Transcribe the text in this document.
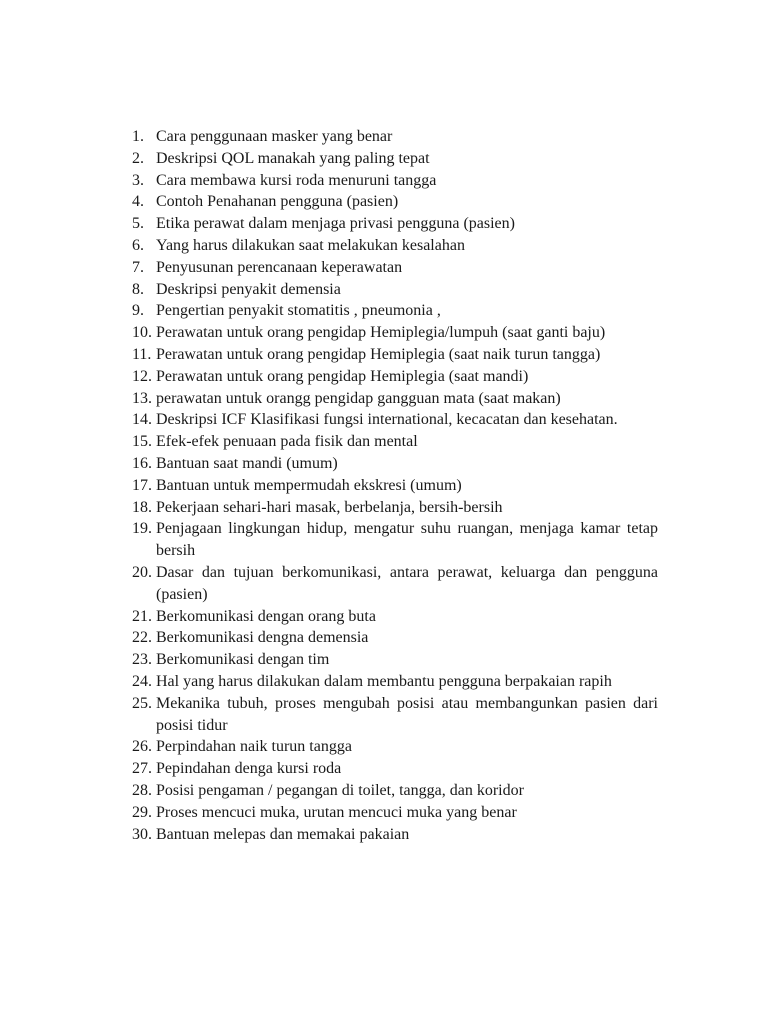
1. Cara penggunaan masker yang benar
2. Deskripsi QOL manakah yang paling tepat
3. Cara membawa kursi roda menuruni tangga
4. Contoh Penahanan pengguna (pasien)
5. Etika perawat dalam menjaga privasi pengguna (pasien)
6. Yang harus dilakukan saat melakukan kesalahan
7. Penyusunan perencanaan keperawatan
8. Deskripsi penyakit demensia
9. Pengertian penyakit stomatitis , pneumonia ,
10. Perawatan untuk orang pengidap Hemiplegia/lumpuh (saat ganti baju)
11. Perawatan untuk orang pengidap Hemiplegia (saat naik turun tangga)
12. Perawatan untuk orang pengidap Hemiplegia (saat mandi)
13. perawatan untuk orangg pengidap gangguan mata (saat makan)
14. Deskripsi ICF Klasifikasi fungsi international, kecacatan dan kesehatan.
15. Efek-efek penuaan pada fisik dan mental
16. Bantuan saat mandi (umum)
17. Bantuan untuk mempermudah ekskresi (umum)
18. Pekerjaan sehari-hari masak, berbelanja, bersih-bersih
19. Penjagaan lingkungan hidup, mengatur suhu ruangan, menjaga kamar tetap bersih
20. Dasar dan tujuan berkomunikasi, antara perawat, keluarga dan pengguna (pasien)
21. Berkomunikasi dengan orang buta
22. Berkomunikasi dengna demensia
23. Berkomunikasi dengan tim
24. Hal yang harus dilakukan dalam membantu pengguna berpakaian rapih
25. Mekanika tubuh, proses mengubah posisi atau membangunkan pasien dari posisi tidur
26. Perpindahan naik turun tangga
27. Pepindahan denga kursi roda
28. Posisi pengaman / pegangan di toilet, tangga, dan koridor
29. Proses mencuci muka, urutan mencuci muka yang benar
30. Bantuan melepas dan memakai pakaian
